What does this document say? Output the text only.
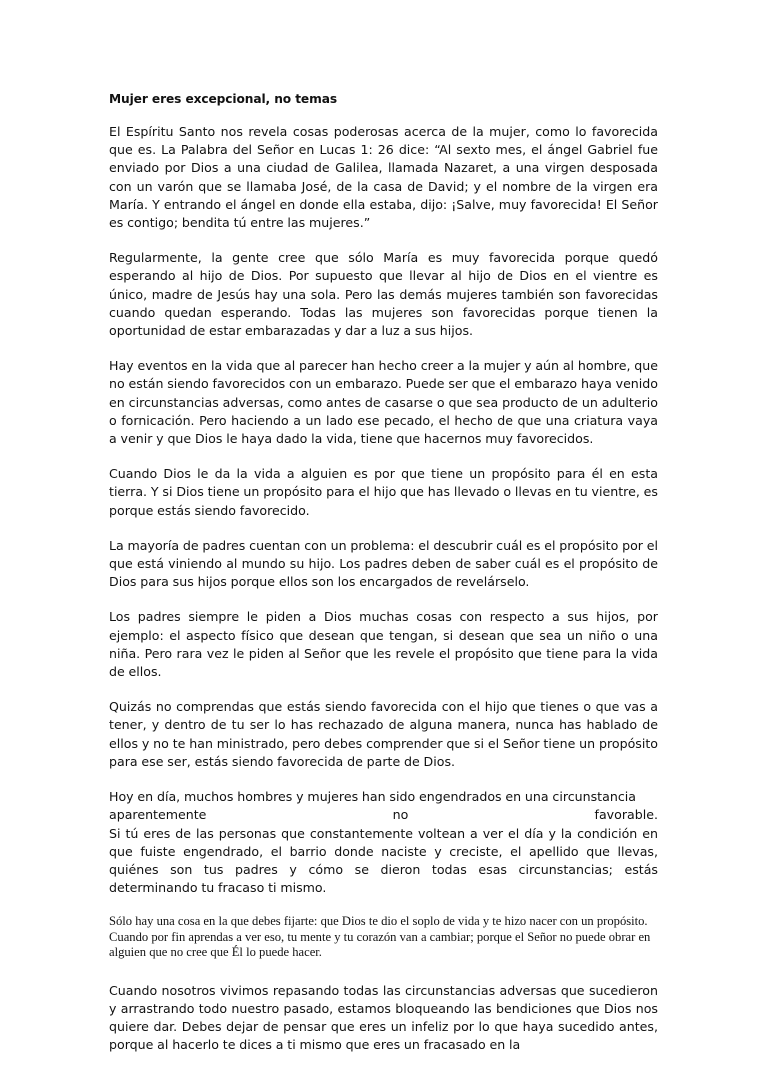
Mujer eres excepcional, no temas

El Espíritu Santo nos revela cosas poderosas acerca de la mujer, como lo favorecida que es. La Palabra del Señor en Lucas 1: 26 dice: “Al sexto mes, el ángel Gabriel fue enviado por Dios a una ciudad de Galilea, llamada Nazaret, a una virgen desposada con un varón que se llamaba José, de la casa de David; y el nombre de la virgen era María. Y entrando el ángel en donde ella estaba, dijo: ¡Salve, muy favorecida! El Señor es contigo; bendita tú entre las mujeres.”

Regularmente, la gente cree que sólo María es muy favorecida porque quedó esperando al hijo de Dios. Por supuesto que llevar al hijo de Dios en el vientre es único, madre de Jesús hay una sola. Pero las demás mujeres también son favorecidas cuando quedan esperando. Todas las mujeres son favorecidas porque tienen la oportunidad de estar embarazadas y dar a luz a sus hijos.

Hay eventos en la vida que al parecer han hecho creer a la mujer y aún al hombre, que no están siendo favorecidos con un embarazo. Puede ser que el embarazo haya venido en circunstancias adversas, como antes de casarse o que sea producto de un adulterio o fornicación. Pero haciendo a un lado ese pecado, el hecho de que una criatura vaya a venir y que Dios le haya dado la vida, tiene que hacernos muy favorecidos.

Cuando Dios le da la vida a alguien es por que tiene un propósito para él en esta tierra. Y si Dios tiene un propósito para el hijo que has llevado o llevas en tu vientre, es porque estás siendo favorecido.

La mayoría de padres cuentan con un problema: el descubrir cuál es el propósito por el que está viniendo al mundo su hijo. Los padres deben de saber cuál es el propósito de Dios para sus hijos porque ellos son los encargados de revelárselo.

Los padres siempre le piden a Dios muchas cosas con respecto a sus hijos, por ejemplo: el aspecto físico que desean que tengan, si desean que sea un niño o una niña. Pero rara vez le piden al Señor que les revele el propósito que tiene para la vida de ellos.

Quizás no comprendas que estás siendo favorecida con el hijo que tienes o que vas a tener, y dentro de tu ser lo has rechazado de alguna manera, nunca has hablado de ellos y no te han ministrado, pero debes comprender que si el Señor tiene un propósito para ese ser, estás siendo favorecida de parte de Dios.

Hoy en día, muchos hombres y mujeres han sido engendrados en una circunstancia
aparentemente	no	favorable.
Si tú eres de las personas que constantemente voltean a ver el día y la condición en que fuiste engendrado, el barrio donde naciste y creciste, el apellido que llevas, quiénes son tus padres y cómo se dieron todas esas circunstancias; estás determinando tu fracaso ti mismo.

Sólo hay una cosa en la que debes fijarte: que Dios te dio el soplo de vida y te hizo nacer con un propósito. Cuando por fin aprendas a ver eso, tu mente y tu corazón van a cambiar; porque el Señor no puede obrar en alguien que no cree que Él lo puede hacer.

Cuando nosotros vivimos repasando todas las circunstancias adversas que sucedieron y arrastrando todo nuestro pasado, estamos bloqueando las bendiciones que Dios nos quiere dar. Debes dejar de pensar que eres un infeliz por lo que haya sucedido antes, porque al hacerlo te dices a ti mismo que eres un fracasado en la
